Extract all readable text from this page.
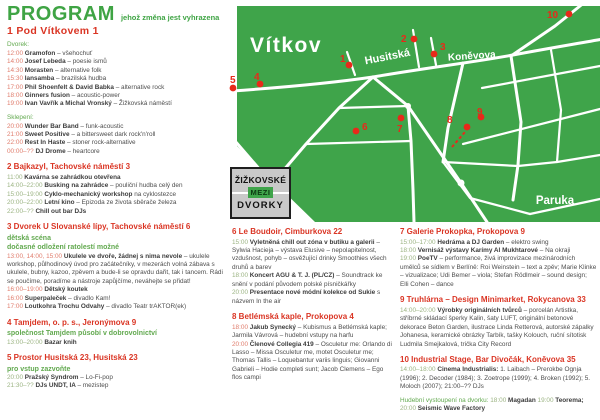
PROGRAM jehož změna jest vyhrazena
1 Pod Vítkovem 1
Dvorek:
12:00 Gramofon – všehochuť
14:00 Josef Lebeda – poesie ismů
14:30 Morasten – alternative folk
15:30 Iansamba – brazilská hudba
17:00 Phil Shoenfelt & David Babka – alternative rock
18:00 Ginners fusion – acoustic-power
19:00 Ivan Vavřík a Michal Vronský – Žižkovská náměstí
Sklepení:
20:00 Wunder Bar Band – funk-acoustic
21:00 Sweet Positive – a bittersweet dark rock'n'roll
22:00 Rest In Haste – stoner rock-alternative
00:00–?? DJ Drome – heartcore
2 Bajkazyl, Tachovské náměstí 3
11:00 Kavárna se zahrádkou otevřena
14:00–22:00 Busking na zahrádce – pouliční hudba celý den
15:00–19:00 Cyklo-mechanický workshop na cyklostezce
20:00–22:00 Letní kino – Epizoda ze života sběrače železa
22:00–?? Chill out bar DJs
3 Dvorek U Slovanské lípy, Tachovské náměstí 6
dětská scéna
dočasné odložení ratolestí možné
13:00, 14:00, 15:00 Ukulele ve dvoře, žádnej s nima nevole – ukulele workshop, půlhodinový úvod pro začátečníky, v mezerách volná zábava s ukulele, bubny, kazoo, zpěvem a bude-li se opravdu dařit, tak i tancem. Rádi se poučíme, poradíme a nástroje zapůjčíme, neváhejte se přidat!
16:00–19:00 Dětský koutek
16:00 Superpaleček – divadlo Kam!
17:00 Loutkohra Trochu Odvahy – divadlo Teatr trAKTOR(ek)
4 Tamjdem, o. p. s., Jeronýmova 9
společnost Tamjdem působí v dobrovolnictví
13:00–20:00 Bazar knih
5 Prostor Husitská 23, Husitská 23
pro vstup zazvoňte
20:00 Pražský Syndrom – Lo-Fi-pop
21:30–?? DJs UNDT, IA – mezistep
6 Le Boudoir, Cimburkova 22
15:00 Vyletněná chill out zóna v butiku a galerii – Sylwia Hacieja – výstava Elusive – nepolapitelnost, vzdušnost, pohyb – osvěžující drinky Smoothies všech druhů a barev
18:00 Koncert AGU & T. J. (PL/CZ) – Soundtrack ke snění v podání původem polské písničkářky
20:00 Presentace nové módní kolekce od Sukie s názvem In the air
8 Betlémská kaple, Prokopova 4
18:00 Jakub Synecký – Kubismus a Betlémská kaple; Jarmila Vávrová – hudební vstupy na harfu
20:00 Členové Collegia 419 – Osculetur me: Orlando di Lasso – Missa Osculetur me, motet Osculetur me; Thomas Tallis – Loquebantur variis linguis; Giovanni Gabrieli – Hodie completi sunt; Jacob Clemens – Ego flos campi
7 Galerie Prokopka, Prokopova 9
15:00–17:00 Hedráma a DJ Garden – elektro swing
18:00 Vernisáž výstavy Karímy Al Mukhtarové – Na okraji
19:00 PoeTV – performance, živá improvizace mezinárodních umělců se sídlem v Berlíně: Roi Weinstein – text a zpěv; Marie Klinke – vizualizace; Udi Bemer – viola; Stefan Rödlmeir – sound design; Elli Cohen – dance
9 Truhlárna – Design Minimarket, Rokycanova 33
14:00–20:00 Výrobky originálních tvůrců – porcelán Artistka, stříbrné skládací šperky Kalin, šaty LUFT, originální betonové dekorace Beton Garden, ilustrace Linda Retterová, autorské zápalky Johanesa, keramické obrázky Tarbík, tašky Kolouch, ruční sítotisk Ludmila Smejkalová, trička City Record
10 Industrial Stage, Bar Divočák, Koněvova 35
14:00–18:00 Cinema Industrialis: 1. Laibach – Prerokbe Ognja (1996); 2. Decoder (1984); 3. Zoetrope (1999); 4. Broken (1992); 5. Moloch (2007); 21:00–?? DJs
Hudební vystoupení na dvorku: 18:00 Magadan 19:00 Teorema; 20:00 Seismic Wave Factory
Vítkov
Paruka
1
2
3
4
5
6	7
8
9
10
Husitská	Koněvova
ŽIŽKOVSKÉ
MEZI
DVORKY
